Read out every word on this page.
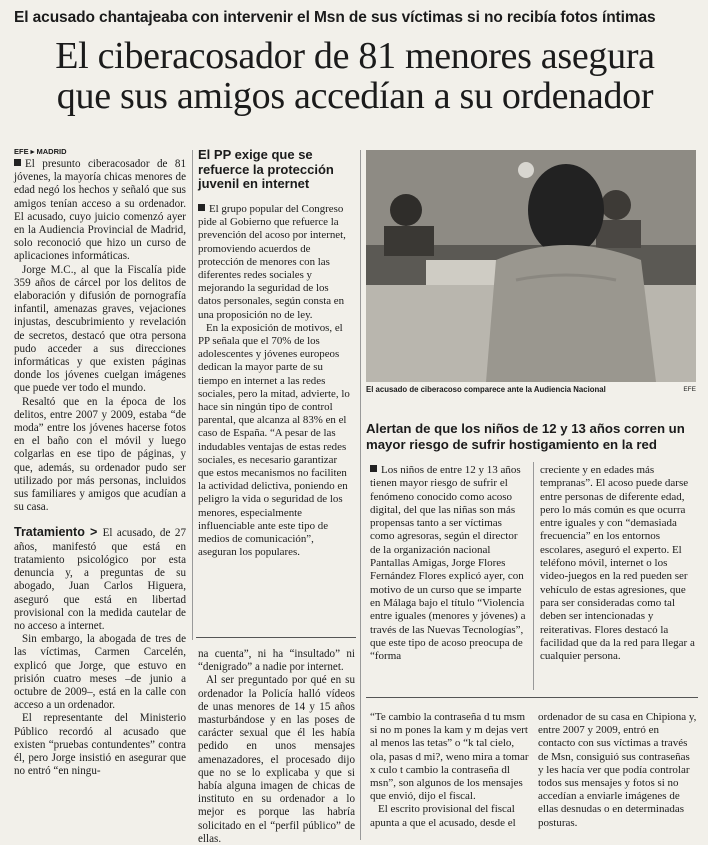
El acusado chantajeaba con intervenir el Msn de sus víctimas si no recibía fotos íntimas
El ciberacosador de 81 menores asegura
que sus amigos accedían a su ordenador
EFE ▸ MADRID

El presunto ciberacosador de 81 jóvenes, la mayoría chicas menores de edad negó los hechos y señaló que sus amigos tenían acceso a su ordenador. El acusado, cuyo juicio comenzó ayer en la Audiencia Provincial de Madrid, solo reconoció que hizo un curso de aplicaciones informáticas.

Jorge M.C., al que la Fiscalía pide 359 años de cárcel por los delitos de elaboración y difusión de pornografía infantil, amenazas graves, vejaciones injustas, descubrimiento y revelación de secretos, destacó que otra persona pudo acceder a sus direcciones informáticas y que existen páginas donde los jóvenes cuelgan imágenes que puede ver todo el mundo.

Resaltó que en la época de los delitos, entre 2007 y 2009, estaba “de moda” entre los jóvenes hacerse fotos en el baño con el móvil y luego colgarlas en ese tipo de páginas, y que, además, su ordenador pudo ser utilizado por más personas, incluidos sus familiares y amigos que acudían a su casa.

Tratamiento > El acusado, de 27 años, manifestó que está en tratamiento psicológico por esta denuncia y, a preguntas de su abogado, Juan Carlos Higuera, aseguró que está en libertad provisional con la medida cautelar de no acceso a internet.

Sin embargo, la abogada de tres de las víctimas, Carmen Carcelén, explicó que Jorge, que estuvo en prisión cuatro meses –de junio a octubre de 2009–, está en la calle con acceso a un ordenador.

El representante del Ministerio Público recordó al acusado que existen “pruebas contundentes” contra él, pero Jorge insistió en asegurar que no entró “en ningu-

El PP exige que se refuerce la protección juvenil en internet

El grupo popular del Congreso pide al Gobierno que refuerce la prevención del acoso por internet, promoviendo acuerdos de protección de menores con las diferentes redes sociales y mejorando la seguridad de los datos personales, según consta en una proposición no de ley.

En la exposición de motivos, el PP señala que el 70% de los adolescentes y jóvenes europeos dedican la mayor parte de su tiempo en internet a las redes sociales, pero la mitad, advierte, lo hace sin ningún tipo de control parental, que alcanza al 83% en el caso de España. “A pesar de las indudables ventajas de estas redes sociales, es necesario garantizar que estos mecanismos no faciliten la actividad delictiva, poniendo en peligro la vida o seguridad de los menores, especialmente influenciable ante este tipo de medios de comunicación”, aseguran los populares.

na cuenta”, ni ha “insultado” ni “denigrado” a nadie por internet.

Al ser preguntado por qué en su ordenador la Policía halló vídeos de unas menores de 14 y 15 años masturbándose y en las poses de carácter sexual que él les había pedido en unos mensajes amenazadores, el procesado dijo que no se lo explicaba y que si había alguna imagen de chicas de instituto en su ordenador a lo mejor es porque las habría solicitado en el “perfil público” de ellas.

El acusado de ciberacoso comparece ante la Audiencia Nacional	EFE
Alertan de que los niños de 12 y 13 años corren un mayor riesgo de sufrir hostigamiento en la red

Los niños de entre 12 y 13 años tienen mayor riesgo de sufrir el fenómeno conocido como acoso digital, del que las niñas son más propensas tanto a ser víctimas como agresoras, según el director de la organización nacional Pantallas Amigas, Jorge Flores Fernández Flores explicó ayer, con motivo de un curso que se imparte en Málaga bajo el título “Violencia entre iguales (menores y jóvenes) a través de las Nuevas Tecnologías”, que este tipo de acoso preocupa de “forma

creciente y en edades más tempranas”. El acoso puede darse entre personas de diferente edad, pero lo más común es que ocurra entre iguales y con “demasiada frecuencia” en los entornos escolares, aseguró el experto. El teléfono móvil, internet o los video-juegos en la red pueden ser vehículo de estas agresiones, que para ser consideradas como tal deben ser intencionadas y reiterativas. Flores destacó la facilidad que da la red para llegar a cualquier persona.

“Te cambio la contraseña d tu msm si no m pones la kam y m dejas vert al menos las tetas” o “k tal cielo, ola, pasas d mi?, weno mira a tomar x culo t cambio la contraseña dl msn”, son algunos de los mensajes que envió, dijo el fiscal.

El escrito provisional del fiscal apunta a que el acusado, desde el

ordenador de su casa en Chipiona y, entre 2007 y 2009, entró en contacto con sus víctimas a través de Msn, consiguió sus contraseñas y les hacía ver que podía controlar todos sus mensajes y fotos si no accedían a enviarle imágenes de ellas desnudas o en determinadas posturas.
